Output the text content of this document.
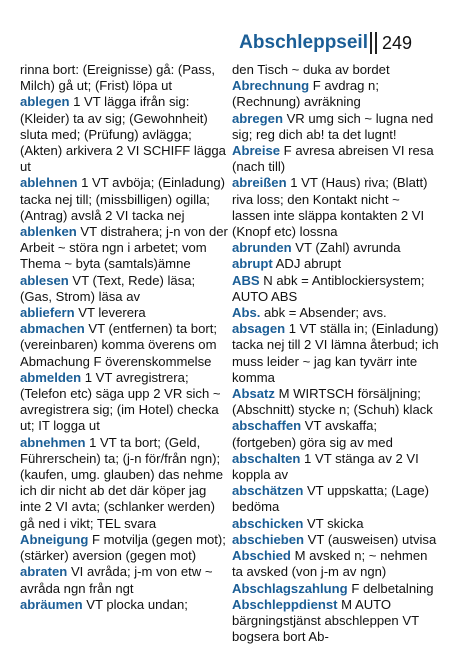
Abschleppseil 249

rinna bort: (Ereignisse) gå: (Pass, Milch) gå ut; (Frist) löpa ut

ablegen 1 VT lägga ifrån sig: (Kleider) ta av sig; (Gewohnheit) sluta med; (Prüfung) avlägga; (Akten) arkivera 2 VI SCHIFF lägga ut

ablehnen 1 VT avböja; (Einladung) tacka nej till; (missbilligen) ogilla; (Antrag) avslå 2 VI tacka nej

ablenken VT distrahera; j-n von der Arbeit ~ störa ngn i arbetet; vom Thema ~ byta (samtals)ämne

ablesen VT (Text, Rede) läsa; (Gas, Strom) läsa av

abliefern VT leverera

abmachen VT (entfernen) ta bort; (vereinbaren) komma överens om Abmachung F överenskommelse

abmelden 1 VT avregistrera; (Telefon etc) säga upp 2 VR sich ~ avregistrera sig; (im Hotel) checka ut; IT logga ut

abnehmen 1 VT ta bort; (Geld, Führerschein) ta; (j-n för/från ngn); (kaufen, umg. glauben) das nehme ich dir nicht ab det där köper jag inte 2 VI avta; (schlanker werden) gå ned i vikt; TEL svara

Abneigung F motvilja (gegen mot); (stärker) aversion (gegen mot)

abraten VI avråda; j-m von etw ~ avråda ngn från ngt

abräumen VT plocka undan;

den Tisch ~ duka av bordet

Abrechnung F avdrag n; (Rechnung) avräkning

abregen VR umg sich ~ lugna ned sig; reg dich ab! ta det lugnt!

Abreise F avresa abreisen VI resa (nach till)

abreißen 1 VT (Haus) riva; (Blatt) riva loss; den Kontakt nicht ~ lassen inte släppa kontakten 2 VI (Knopf etc) lossna

abrunden VT (Zahl) avrunda

abrupt ADJ abrupt

ABS N abk = Antiblockiersystem; AUTO ABS

Abs. abk = Absender; avs.

absagen 1 VT ställa in; (Einladung) tacka nej till 2 VI lämna återbud; ich muss leider ~ jag kan tyvärr inte komma

Absatz M WIRTSCH försäljning; (Abschnitt) stycke n; (Schuh) klack

abschaffen VT avskaffa; (fortgeben) göra sig av med

abschalten 1 VT stänga av 2 VI koppla av

abschätzen VT uppskatta; (Lage) bedöma

abschicken VT skicka

abschieben VT (ausweisen) utvisa

Abschied M avsked n; ~ nehmen ta avsked (von j-m av ngn)

Abschlagszahlung F delbetalning

Abschleppdienst M AUTO bärgningstjänst abschleppen VT bogsera bort Ab-
